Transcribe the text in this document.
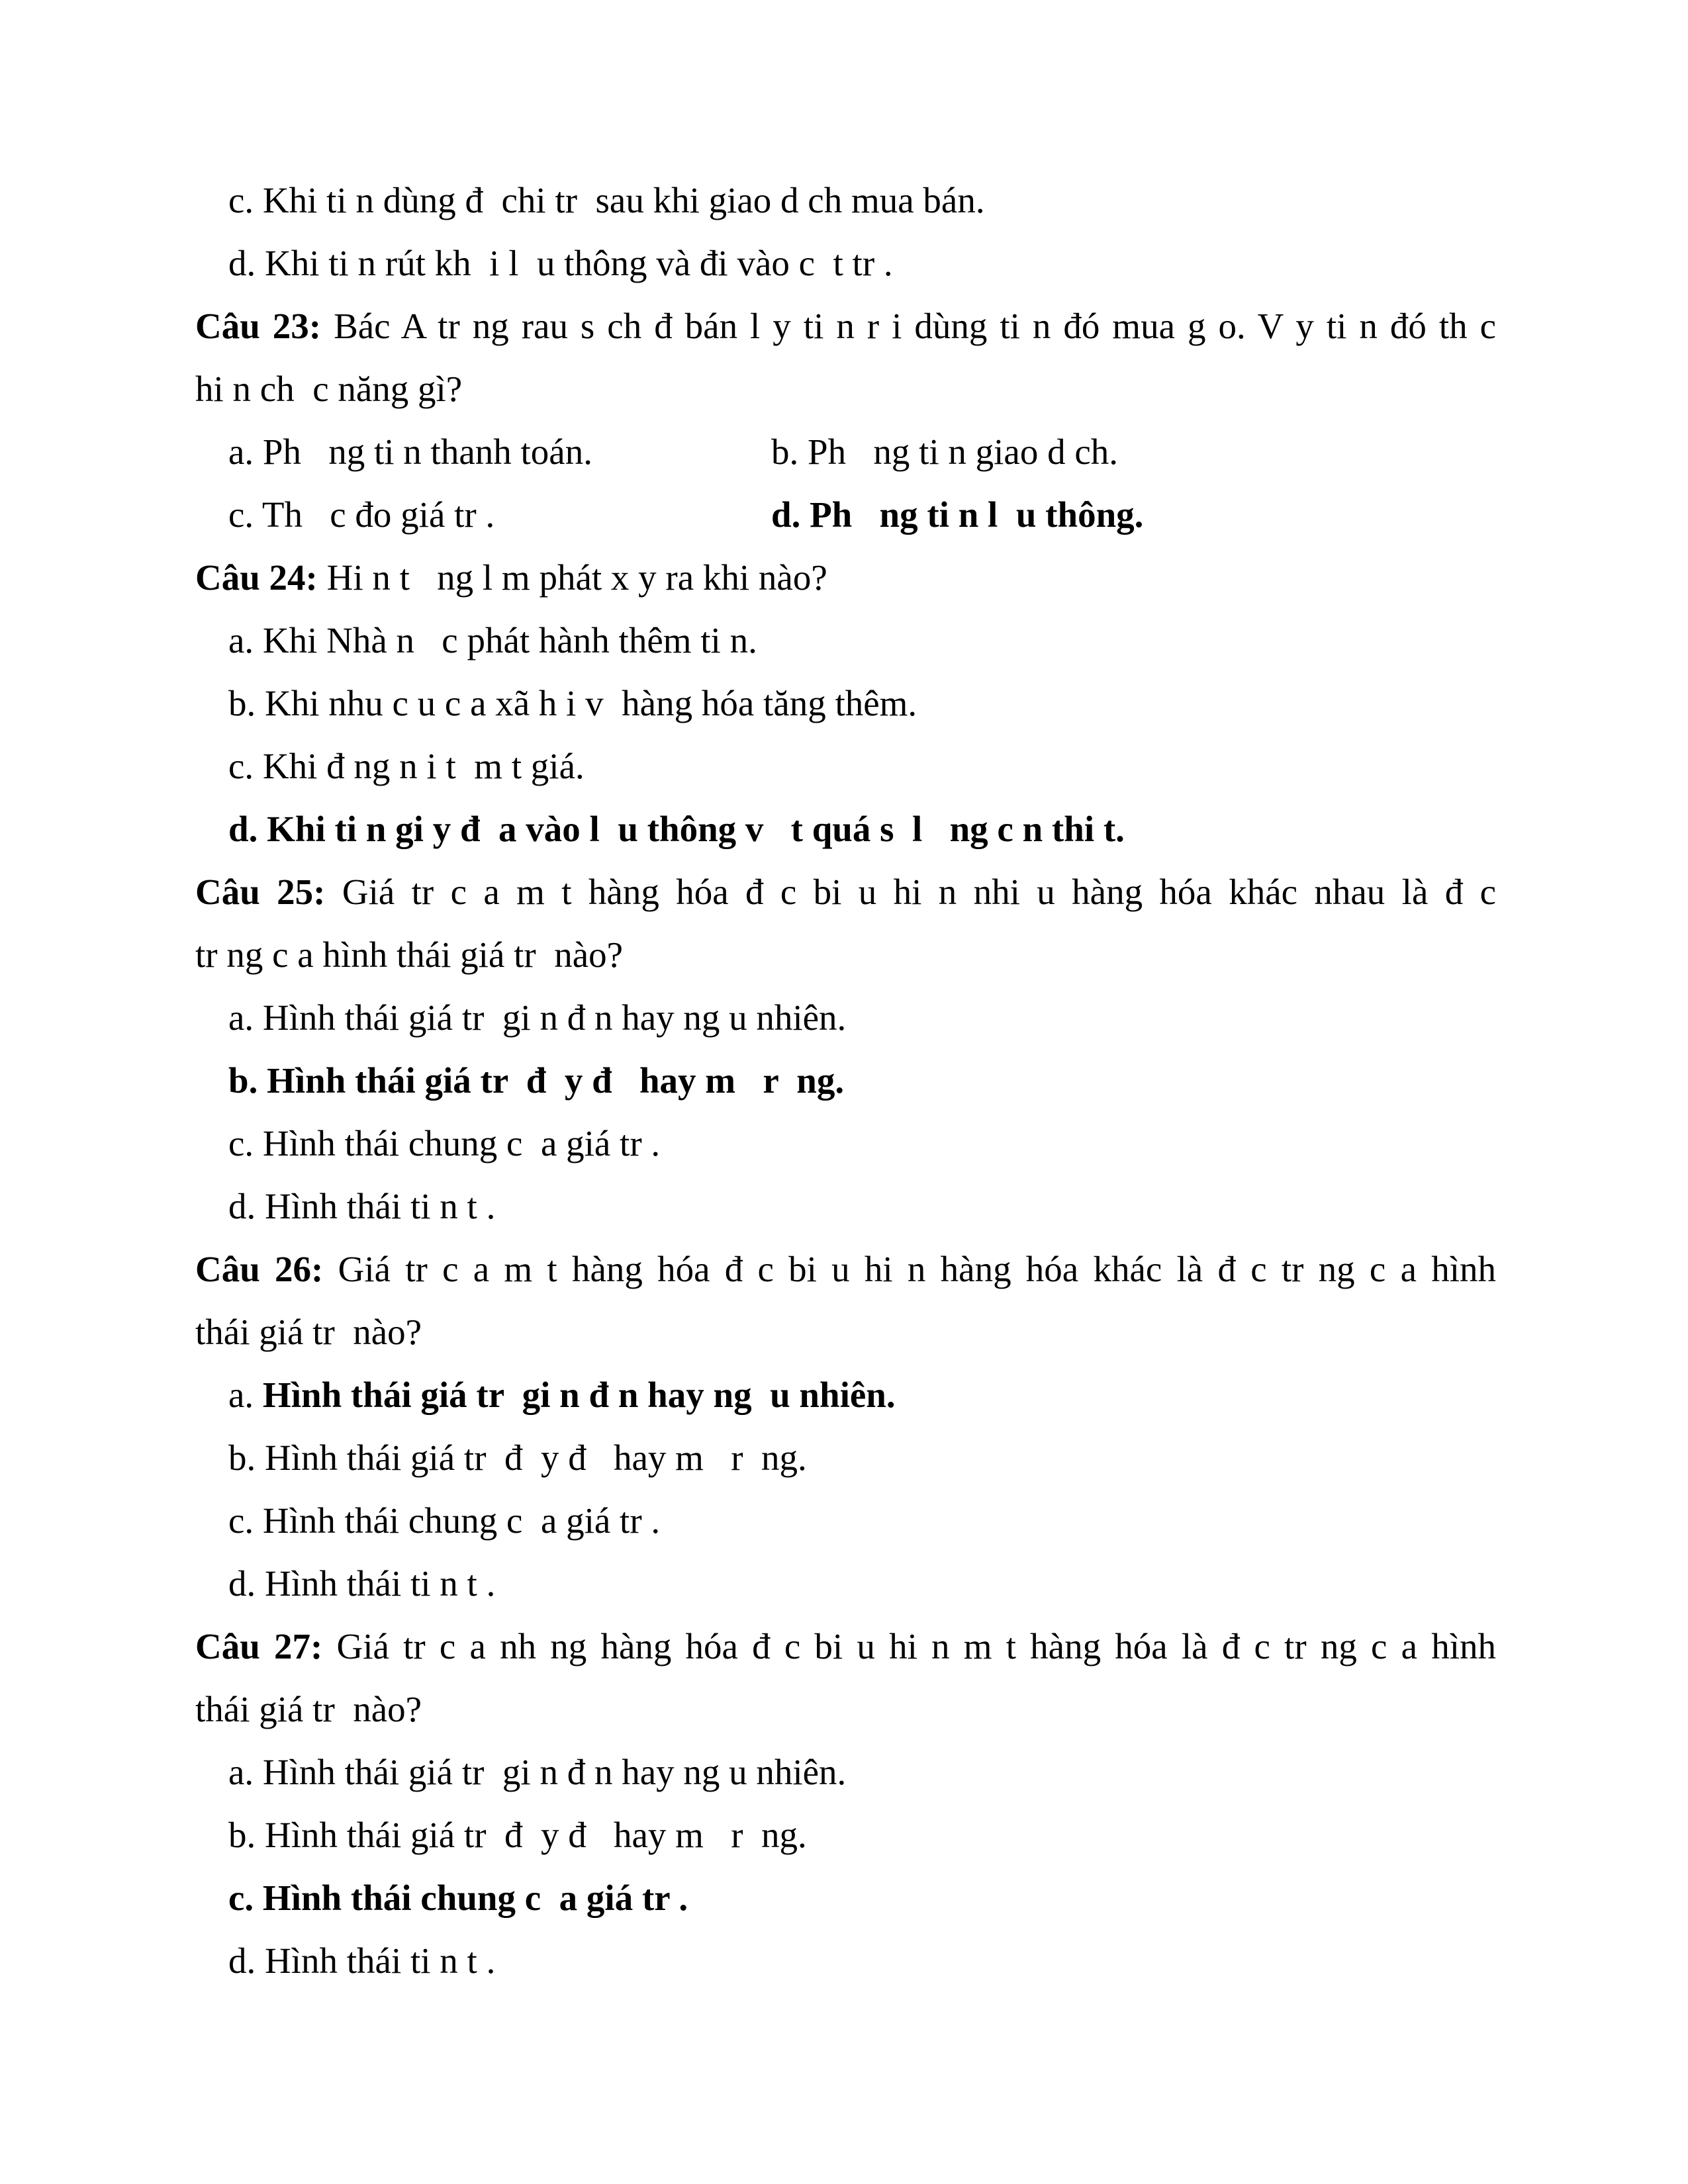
c. Khi ti n dùng đ  chi tr  sau khi giao d ch mua bán.
d. Khi ti n rút kh  i l  u thông và đi vào c  t tr .
Câu 23: Bác A tr ng rau s ch đ bán l y ti n r i dùng ti n đó mua g o. V y ti n đó th c
hi n ch  c năng gì?
a. Ph   ng ti n thanh toán.	b. Ph   ng ti n giao d ch.
c. Th   c đo giá tr .	d. Ph   ng ti n l  u thông.
Câu 24: Hi n t   ng l m phát x y ra khi nào?
a. Khi Nhà n   c phát hành thêm ti n.
b. Khi nhu c u c a xã h i v  hàng hóa tăng thêm.
c. Khi đ ng n i t  m t giá.
d. Khi ti n gi y đ  a vào l  u thông v   t quá s  l   ng c n thi t.
Câu 25: Giá tr c a m t hàng hóa đ c bi u hi n nhi u hàng hóa khác nhau là đ c
tr ng c a hình thái giá tr  nào?
a. Hình thái giá tr  gi n đ n hay ng u nhiên.
b. Hình thái giá tr  đ  y đ   hay m   r  ng.
c. Hình thái chung c  a giá tr .
d. Hình thái ti n t .
Câu 26: Giá tr c a m t hàng hóa đ c bi u hi n hàng hóa khác là đ c tr ng c a hình
thái giá tr  nào?
a. Hình thái giá tr  gi n đ n hay ng  u nhiên.
b. Hình thái giá tr  đ  y đ   hay m   r  ng.
c. Hình thái chung c  a giá tr .
d. Hình thái ti n t .
Câu 27: Giá tr c a nh ng hàng hóa đ c bi u hi n m t hàng hóa là đ c tr ng c a hình
thái giá tr  nào?
a. Hình thái giá tr  gi n đ n hay ng u nhiên.
b. Hình thái giá tr  đ  y đ   hay m   r  ng.
c. Hình thái chung c  a giá tr .
d. Hình thái ti n t .
